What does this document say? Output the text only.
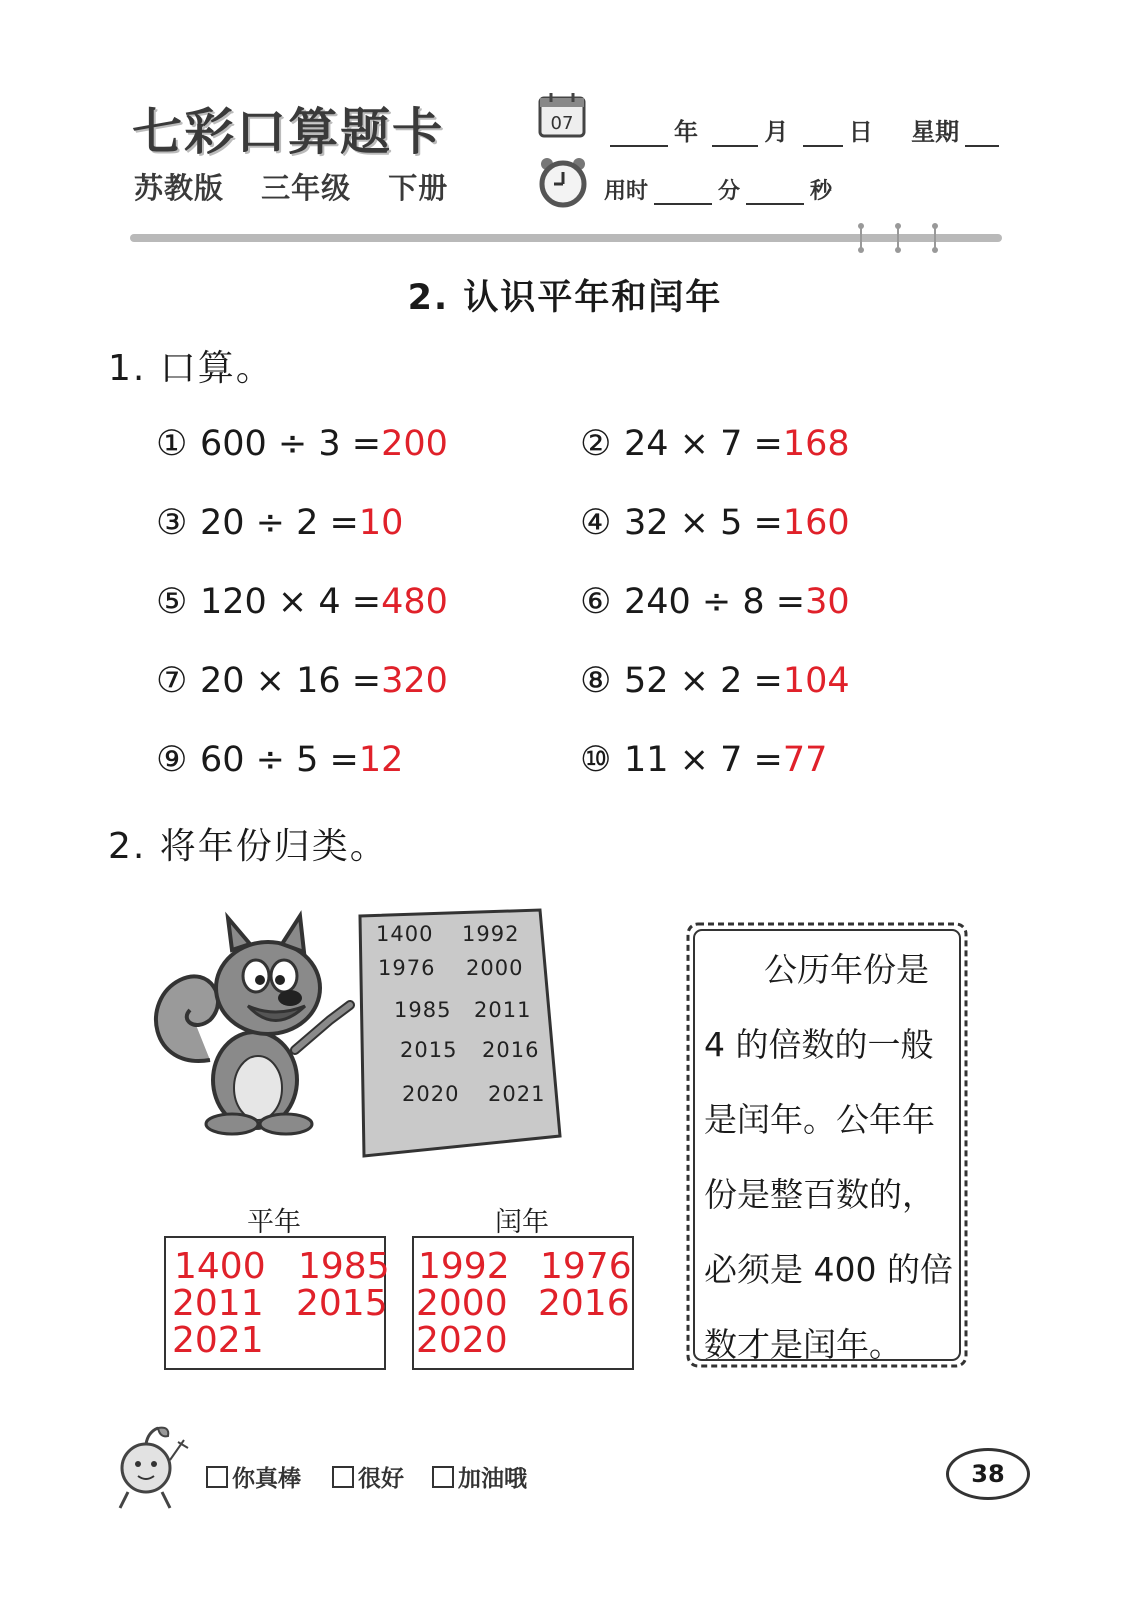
七彩口算题卡
苏教版 三年级 下册
07	年	月	日 星期
用时	分	秒
2. 认识平年和闰年
1. 口算。
① 600 ÷ 3 = 200	② 24 × 7 = 168
③ 20 ÷ 2 = 10	④ 32 × 5 = 160
⑤ 120 × 4 = 480	⑥ 240 ÷ 8 = 30
⑦ 20 × 16 = 320	⑧ 52 × 2 = 104
⑨ 60 ÷ 5 = 12	⑩ 11 × 7 = 77
2. 将年份归类。
1400 1992
1976 2000
1985 2011
2015 2016
2020 2021
公历年份是
4 的倍数的一般
是闰年。公年年
份是整百数的，
必须是 400 的倍
数才是闰年。
平年
1400 1985
2011 2015
2021
闰年
1992 1976
2000 2016
2020
你真棒 很好 加油哦	38
